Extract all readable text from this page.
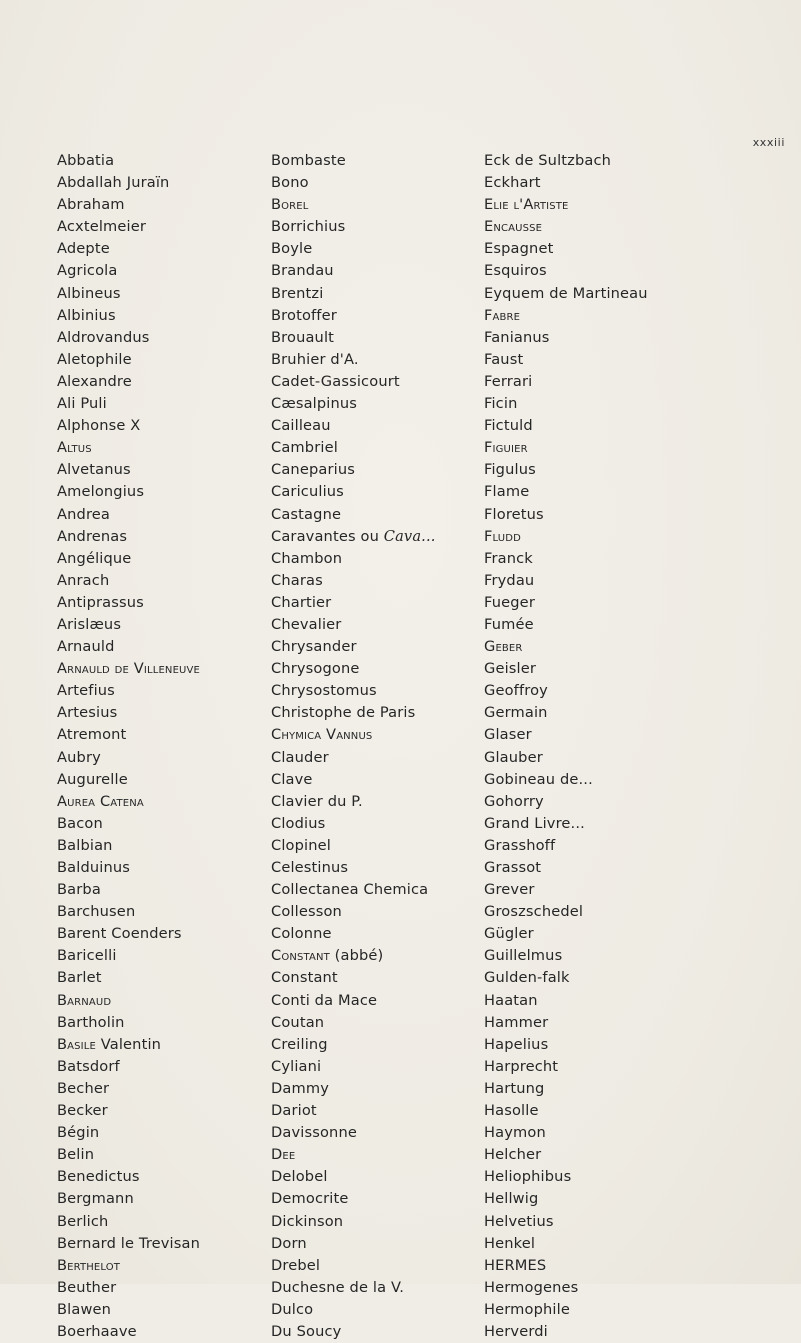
xxxiii
Abbatia
Abdallah Juraïn
Abraham
Acxtelmeier
Adepte
Agricola
Albineus
Albinius
Aldrovandus
Aletophile
Alexandre
Ali Puli
Alphonse X
Altus
Alvetanus
Amelongius
Andrea
Andrenas
Angélique
Anrach
Antiprassus
Arislæus
Arnauld
Arnauld de Villeneuve
Artefius
Artesius
Atremont
Aubry
Augurelle
Aurea Catena
Bacon
Balbian
Balduinus
Barba
Barchusen
Barent Coenders
Baricelli
Barlet
Barnaud
Bartholin
Basile Valentin
Batsdorf
Becher
Becker
Bégin
Belin
Benedictus
Bergmann
Berlich
Bernard le Trevisan
Berthelot
Beuther
Blawen
Boerhaave
Bombaste
Bono
Borel
Borrichius
Boyle
Brandau
Brentzi
Brotoffer
Brouault
Bruhier d'A.
Cadet-Gassicourt
Cæsalpinus
Cailleau
Cambriel
Caneparius
Cariculius
Castagne
Caravantes ou Cava...
Chambon
Charas
Chartier
Chevalier
Chrysander
Chrysogone
Chrysostomus
Christophe de Paris
Chymica Vannus
Clauder
Clave
Clavier du P.
Clodius
Clopinel
Celestinus
Collectanea Chemica
Collesson
Colonne
Constant (abbé)
Constant
Conti da Mace
Coutan
Creiling
Cyliani
Dammy
Dariot
Davissonne
Dee
Delobel
Democrite
Dickinson
Dorn
Drebel
Duchesne de la V.
Dulco
Du Soucy
Eck de Sultzbach
Eckhart
Elie l'Artiste
Encausse
Espagnet
Esquiros
Eyquem de Martineau
Fabre
Fanianus
Faust
Ferrari
Ficin
Fictuld
Figuier
Figulus
Flame
Floretus
Fludd
Franck
Frydau
Fueger
Fumée
Geber
Geisler
Geoffroy
Germain
Glaser
Glauber
Gobineau de...
Gohorry
Grand Livre...
Grasshoff
Grassot
Grever
Groszschedel
Gügler
Guillelmus
Gulden-falk
Haatan
Hammer
Hapelius
Harprecht
Hartung
Hasolle
Haymon
Helcher
Heliophibus
Hellwig
Helvetius
Henkel
HERMES
Hermogenes
Hermophile
Herverdi
